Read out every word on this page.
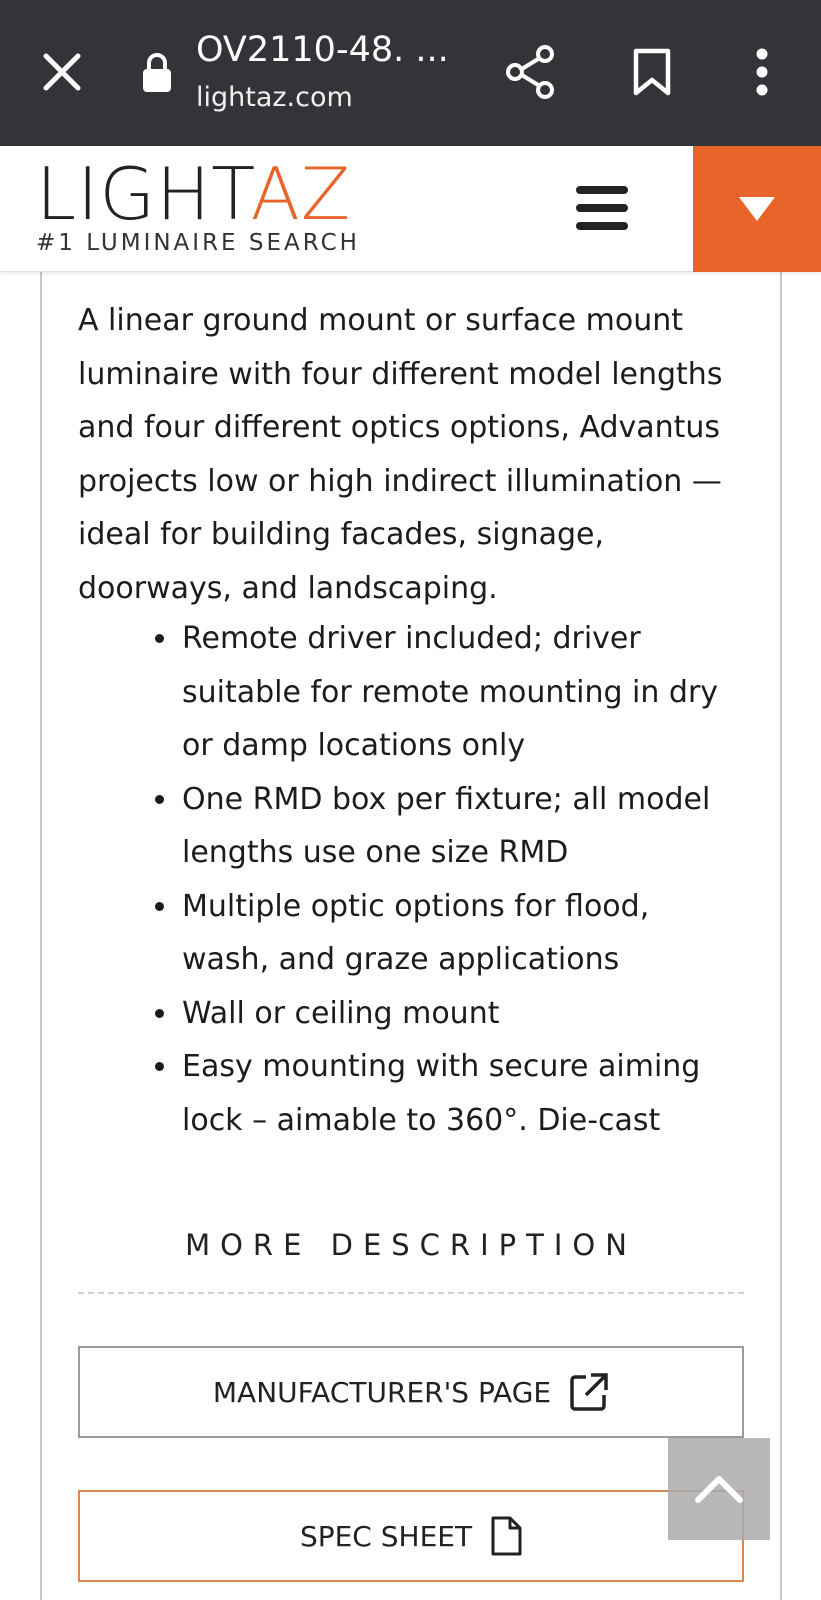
OV2110-48. ...
lightaz.com
LIGHTAZ
#1 LUMINAIRE SEARCH

A linear ground mount or surface mount luminaire with four different model lengths and four different optics options, Advantus projects low or high indirect illumination — ideal for building facades, signage, doorways, and landscaping.

• Remote driver included; driver suitable for remote mounting in dry or damp locations only
• One RMD box per fixture; all model lengths use one size RMD
• Multiple optic options for flood, wash, and graze applications
• Wall or ceiling mount
• Easy mounting with secure aiming lock – aimable to 360°. Die-cast
MORE DESCRIPTION
MANUFACTURER'S PAGE
SPEC SHEET
